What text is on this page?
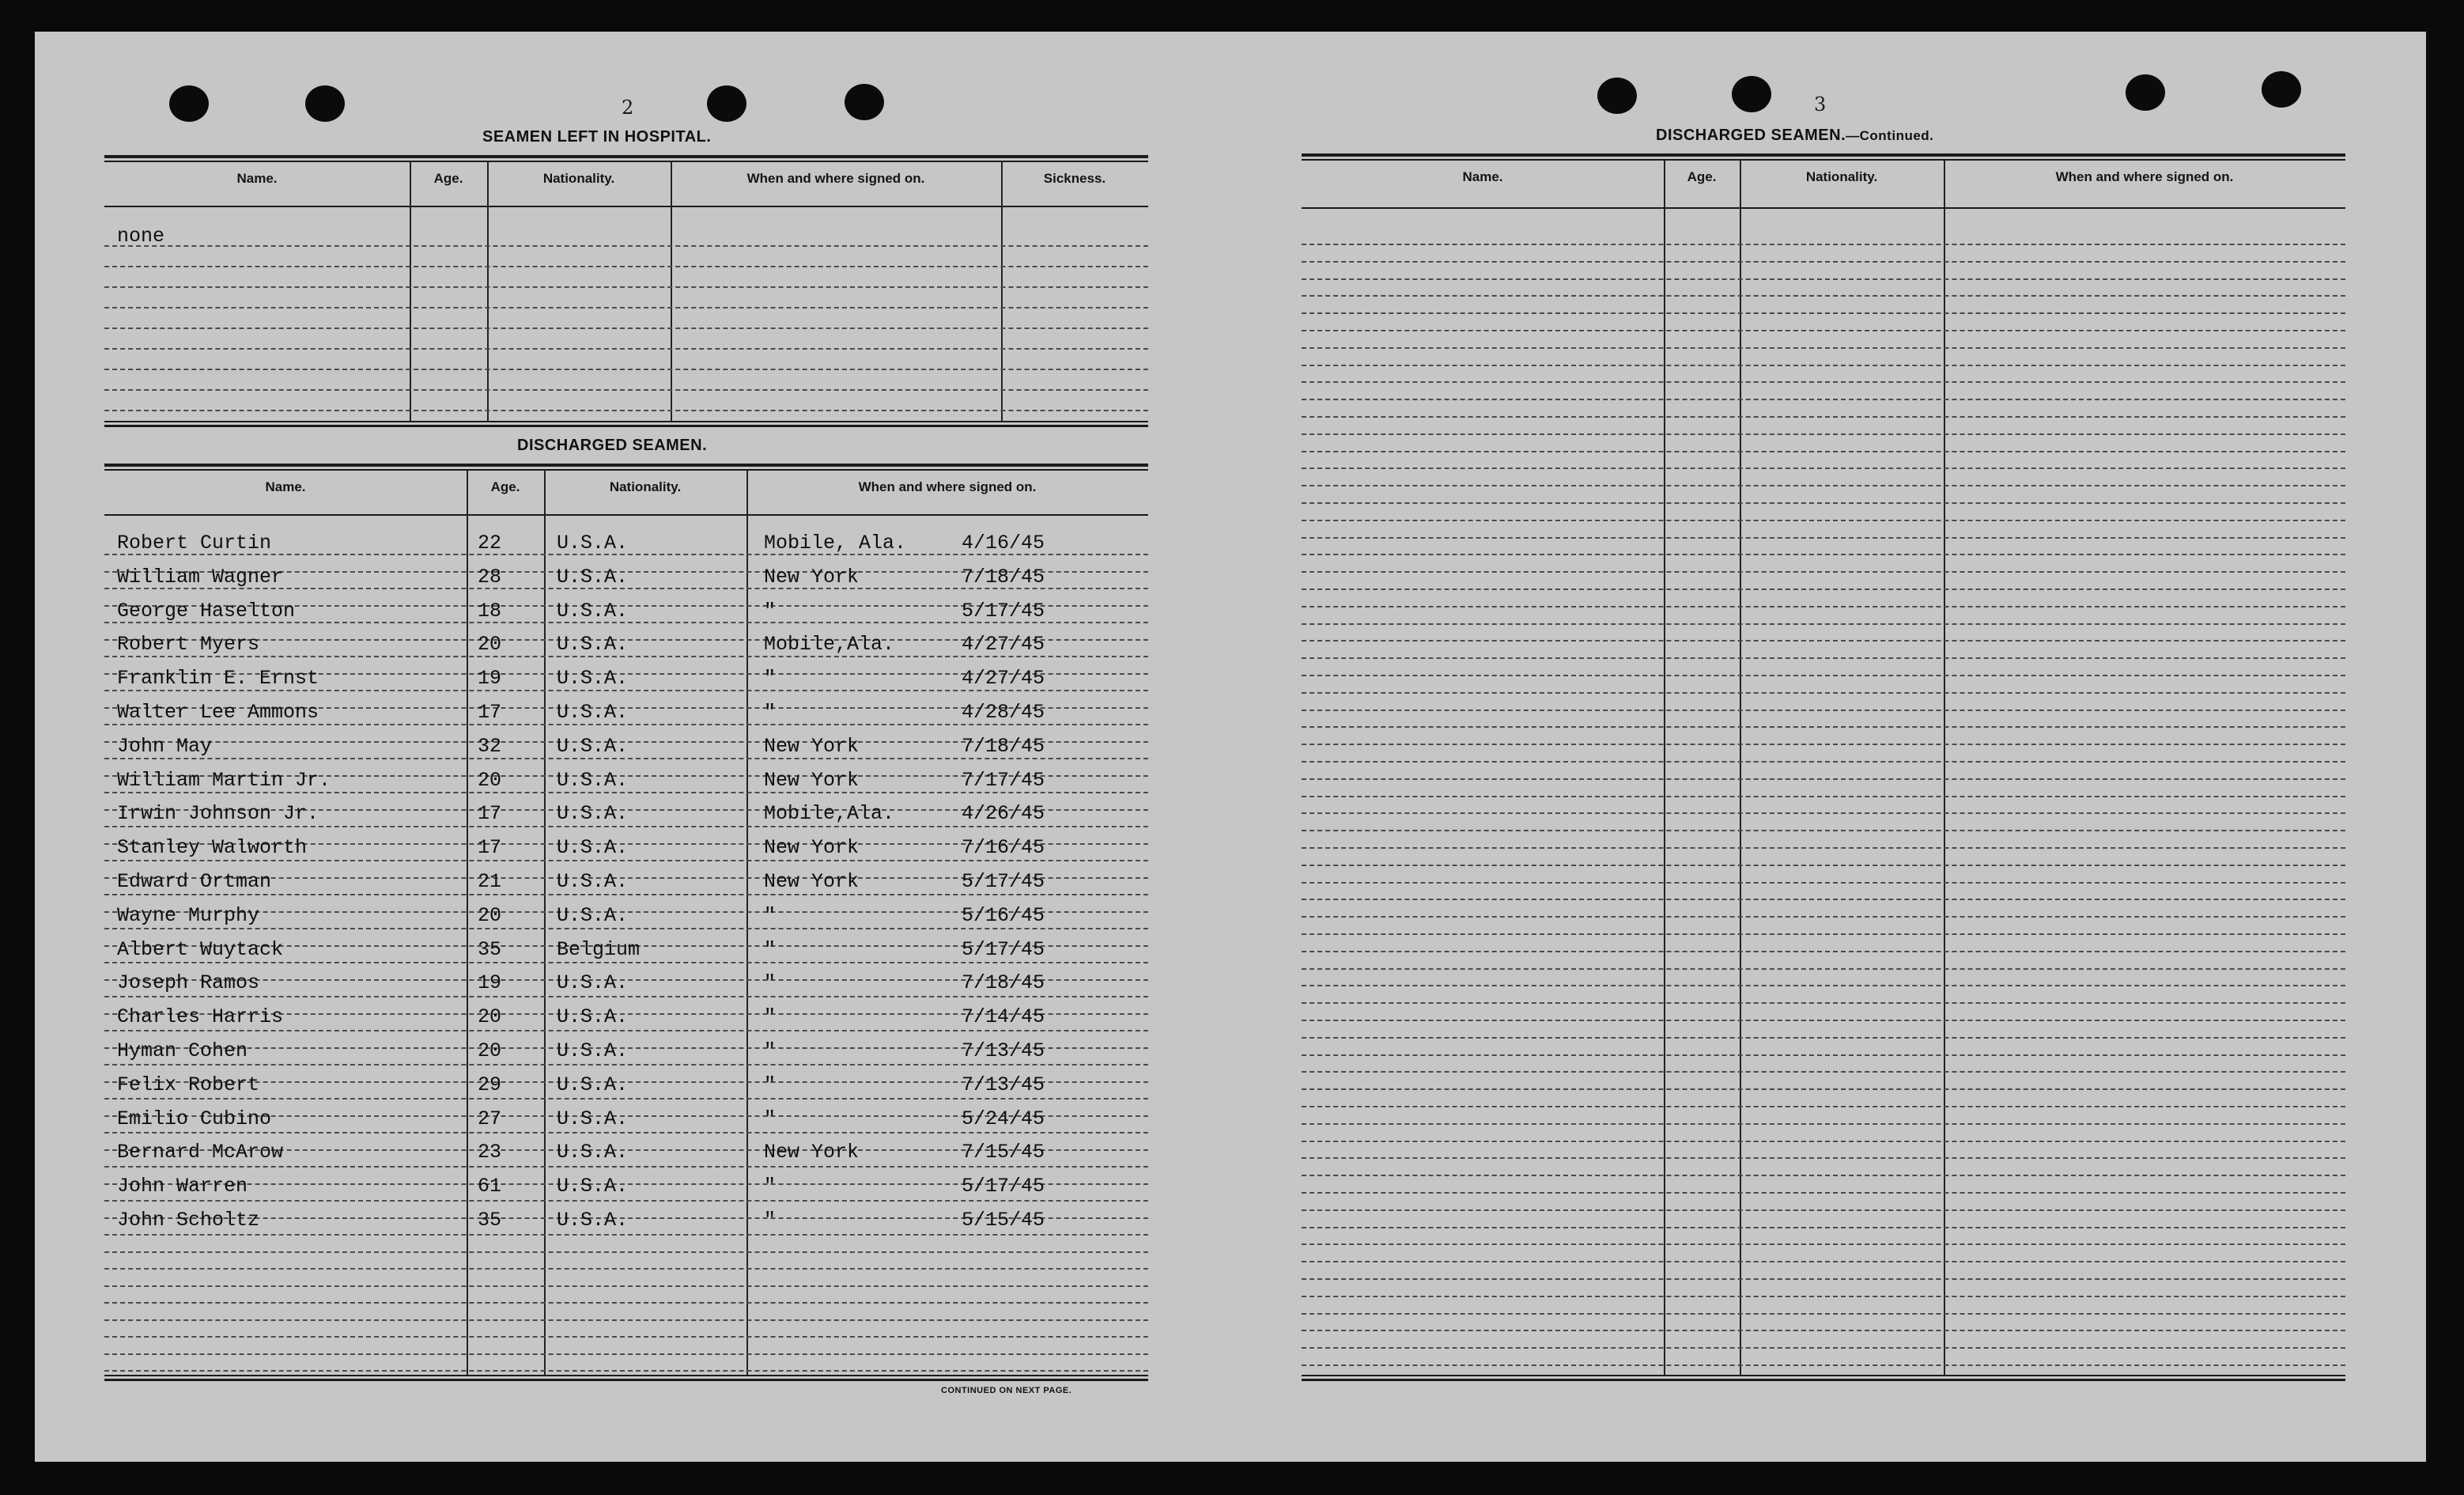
2
SEAMEN LEFT IN HOSPITAL.
Name.	Age.	Nationality.	When and where signed on.	Sickness.
none
DISCHARGED SEAMEN.
Name.	Age.	Nationality.	When and where signed on.
Robert Curtin	22	U.S.A.	Mobile, Ala.	4/16/45
William Wagner	28	U.S.A.	New York	7/18/45
George Haselton	18	U.S.A.	"	5/17/45
Robert Myers	20	U.S.A.	Mobile,Ala.	4/27/45
Franklin E. Ernst	19	U.S.A.	"	4/27/45
Walter Lee Ammons	17	U.S.A.	"	4/28/45
John May	32	U.S.A.	New York	7/18/45
William Martin Jr.	20	U.S.A.	New York	7/17/45
Irwin Johnson Jr.	17	U.S.A.	Mobile,Ala.	4/26/45
Stanley Walworth	17	U.S.A.	New York	7/16/45
Edward Ortman	21	U.S.A.	New York	5/17/45
Wayne Murphy	20	U.S.A.	"	5/16/45
Albert Wuytack	35	Belgium	"	5/17/45
Joseph Ramos	19	U.S.A.	"	7/18/45
Charles Harris	20	U.S.A.	"	7/14/45
Hyman Cohen	20	U.S.A.	"	7/13/45
Felix Robert	29	U.S.A.	"	7/13/45
Emilio Cubino	27	U.S.A.	"	5/24/45
Bernard McArow	23	U.S.A.	New York	7/15/45
John Warren	61	U.S.A.	"	5/17/45
John Scholtz	35	U.S.A.	"	5/15/45
CONTINUED ON NEXT PAGE.
3
DISCHARGED SEAMEN.—Continued.
Name.	Age.	Nationality.	When and where signed on.
